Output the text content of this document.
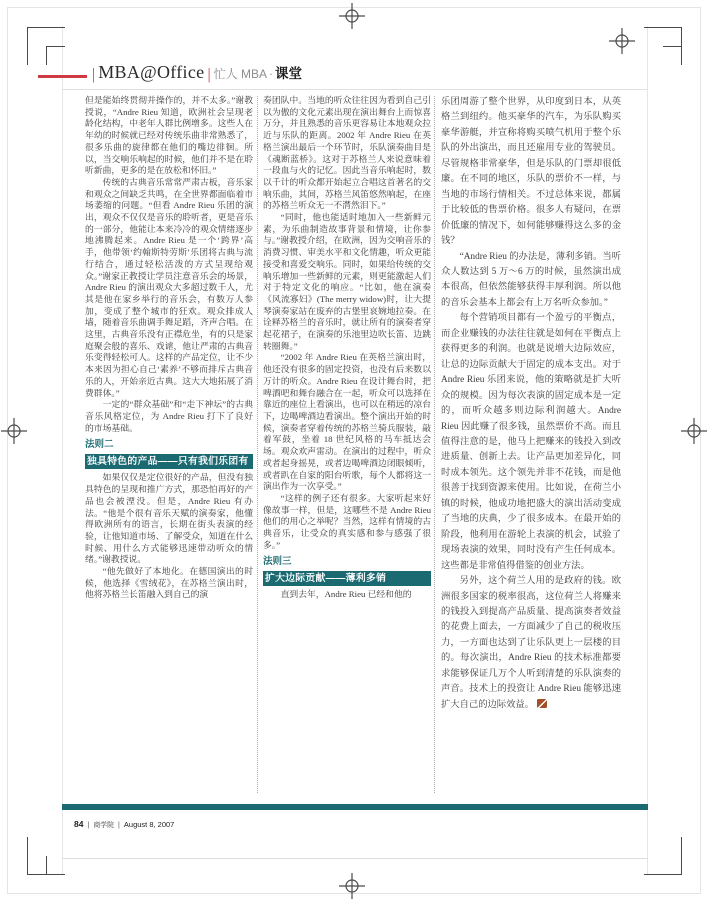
| MBA@Office | 忙人 MBA · 课堂

但是能始终贯彻并操作的，并不太多。”谢教授说，“Andre Rieu 知道，欧洲社会呈现老龄化结构，中老年人群比例增多。这些人在年幼的时候就已经对传统乐曲非常熟悉了，很多乐曲的旋律都在他们的嘴边徘徊。所以，当交响乐响起的时候，他们并不是在聆听新曲，更多的是在放松和怀旧。”

传统的古典音乐常常严肃古板，音乐家和观众之间缺乏共鸣，在全世界都面临着市场萎缩的问题。“但看 Andre Rieu 乐团的演出，观众不仅仅是音乐的聆听者，更是音乐的一部分，他能让本来冷冷的观众情绪逐步地沸腾起来。Andre Rieu 是一个‘跨界’高手，他带领‘约翰斯特劳斯’乐团将古典与流行结合，通过轻松活泼的方式呈现给观众。”谢家正教授让学员注意音乐会的场景，Andre Rieu 的演出观众大多超过数千人，尤其是他在家乡举行的音乐会，有数万人参加，变成了整个城市的狂欢。观众排成人墙，随着音乐曲调手舞足蹈，齐声合唱。在这里，古典音乐没有正襟危坐，有的只是家庭聚会般的喜乐、戏谑，他让严肃的古典音乐变得轻松可人。这样的产品定位，让不少本来因为担心自己‘素养’不够而排斥古典音乐的人，开始亲近古典。这大大地拓展了消费群体。”

一定的“群众基础”和“走下神坛”的古典音乐风格定位，为 Andre Rieu 打下了良好的市场基础。

法则二
独具特色的产品——只有我们乐团有

如果仅仅是定位很好的产品，但没有独具特色的呈现和推广方式，那恐怕再好的产品也会被湮没。但是，Andre Rieu 有办法。“他是个很有音乐天赋的演奏家，他懂得欧洲所有的语言，长期在街头表演的经验，让他知道市场、了解受众，知道在什么时候、用什么方式能够迅速带动听众的情绪。”谢教授说。

“他先做好了本地化。在德国演出的时候，他选择《雪绒花》，在苏格兰演出时，他将苏格兰长笛融入到自己的演

奏团队中。当地的听众往往因为看到自己引以为傲的文化元素出现在演出舞台上而惊喜万分，并且熟悉的音乐更容易让本地观众拉近与乐队的距离。2002 年 Andre Rieu 在英格兰演出最后一个环节时，乐队演奏曲目是《魂断蓝桥》。这对于苏格兰人来说意味着一段血与火的记忆。因此当音乐响起时，数以千计的听众都开始起立合唱这首著名的交响乐曲，其间，苏格兰风笛悠然响起，在座的苏格兰听众无一不潸然泪下。”

“同时，他也能适时地加入一些新鲜元素，为乐曲制造故事背景和情境，让你参与。”谢教授介绍，在欧洲，因为交响音乐的消费习惯、审美水平和文化情趣，听众更能接受和喜爱交响乐。同时，如果给传统的交响乐增加一些新鲜的元素，则更能激起人们对于特定文化的响应。“比如，他在演奏《风流寡妇》(The merry widow)时，让大提琴演奏家站在废弃的古堡里哀婉地拉奏。在诠释苏格兰的音乐时，就让所有的演奏者穿起花裙子，在演奏的乐池里边吹长笛、边跳转圈舞。”

“2002 年 Andre Rieu 在英格兰演出时，他还没有很多的固定投资，也没有后来数以万计的听众。Andre Rieu 在设计舞台时，把啤酒吧和舞台融合在一起，听众可以选择在靠近的座位上看演出，也可以在稍远的凉台下，边喝啤酒边看演出。整个演出开始的时候，演奏者穿着传统的苏格兰骑兵服装，敲着军鼓，坐着 18 世纪风格的马车抵达会场。观众欢声雷动。在演出的过程中，听众或者起身摇晃，或者边喝啤酒边闭眼倾听，或者趴在自家的阳台听歌，每个人都将这一演出作为一次享受。”

“这样的例子还有很多。大家听起来好像故事一样，但是，这哪些不是 Andre Rieu 他们的用心之举呢？当然，这样有情境的古典音乐，让受众的真实感和参与感强了很多。”

法则三
扩大边际贡献——薄利多销

直到去年，Andre Rieu 已经和他的

乐团周游了整个世界，从印度到日本，从英格兰到纽约。他买豪华的汽车，为乐队购买豪华游艇，并宣称将购买喷气机用于整个乐队的外出演出，而且还雇用专业的驾驶员。尽管规格非常豪华，但是乐队的门票却很低廉。在不同的地区，乐队的票价不一样，与当地的市场行情相关。不过总体来说，都属于比较低的售票价格。很多人有疑问，在票价低廉的情况下，如何能够赚得这么多的金钱？

“Andre Rieu 的办法是，薄利多销。当听众人数达到 5 万～6 万的时候，虽然演出成本很高，但依然能够获得丰厚利润。所以他的音乐会基本上都会有上万名听众参加。”

每个营销项目都有一个盈亏的平衡点，而企业赚钱的办法往往就是如何在平衡点上获得更多的利润。也就是说增大边际效应，让总的边际贡献大于固定的成本支出。对于 Andre Rieu 乐团来说，他的策略就是扩大听众的规模。因为每次表演的固定成本是一定的，而听众越多则边际利润越大。Andre Rieu 因此赚了很多钱，虽然票价不高。而且值得注意的是，他马上把赚来的钱投入到改进质量、创新上去。让产品更加差异化，同时成本领先。这个领先并非不花钱，而是他很善于找到资源来使用。比如说，在荷兰小镇的时候，他成功地把盛大的演出活动变成了当地的庆典，少了很多成本。在最开始的阶段，他利用在游轮上表演的机会，试验了现场表演的效果，同时没有产生任何成本。这些都是非常值得借鉴的创业方法。

另外，这个荷兰人用的是政府的钱。欧洲很多国家的税率很高，这位荷兰人将赚来的钱投入到提高产品质量、提高演奏者效益的花费上面去，一方面减少了自己的税收压力，一方面也达到了让乐队更上一层楼的目的。每次演出，Andre Rieu 的技术标准都要求能够保证几万个人听到清楚的乐队演奏的声音。技术上的投资让 Andre Rieu 能够迅速扩大自己的边际效益。

84 | 商学院 | August 8, 2007
